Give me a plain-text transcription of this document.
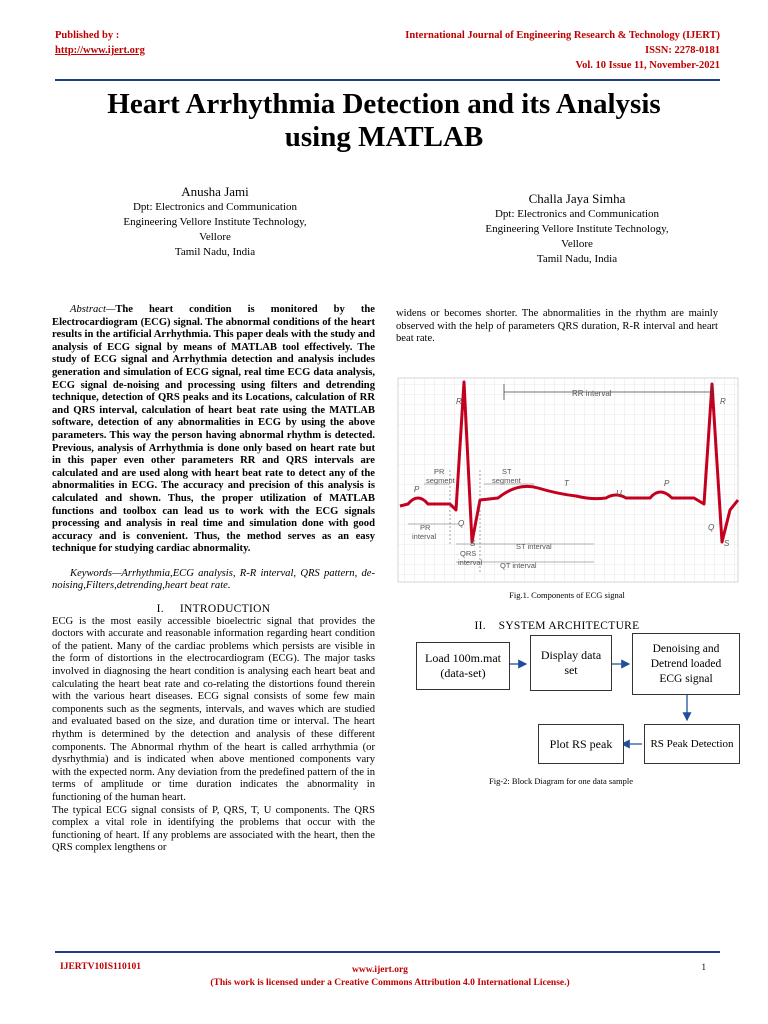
Published by :
http://www.ijert.org
International Journal of Engineering Research & Technology (IJERT)
ISSN: 2278-0181
Vol. 10 Issue 11, November-2021
Heart Arrhythmia Detection and its Analysis
using MATLAB
Anusha Jami
Dpt: Electronics and Communication
Engineering Vellore Institute Technology,
Vellore
Tamil Nadu, India
Challa Jaya Simha
Dpt: Electronics and Communication
Engineering Vellore Institute Technology,
Vellore
Tamil Nadu, India

Abstract—The heart condition is monitored by the Electrocardiogram (ECG) signal. The abnormal conditions of the heart results in the artificial Arrhythmia. This paper deals with the study and analysis of ECG signal by means of MATLAB tool effectively. The study of ECG signal and Arrhythmia detection and analysis includes generation and simulation of ECG signal, real time ECG data analysis, ECG signal de-noising and processing using filters and detrending technique, detection of QRS peaks and its Locations, calculation of RR and QRS interval, calculation of heart beat rate using the MATLAB software, detection of any abnormalities in ECG by using the above parameters. This way the person having abnormal rhythm is detected. Previous, analysis of Arrhythmia is done only based on heart rate but in this paper even other parameters RR and QRS intervals are calculated and are used along with heart beat rate to detect any of the abnormalities in ECG. The accuracy and precision of this analysis is calculated and shown. Thus, the proper utilization of MATLAB functions and toolbox can lead us to work with the ECG signals processing and analysis in real time and simulation done with good accuracy and is convenient. Thus, the method serves as an easy technique for studying cardiac abnormality.

Keywords—Arrhythmia,ECG analysis, R-R interval, QRS pattern, de-noising,Filters,detrending,heart beat rate.

I.     INTRODUCTION

ECG is the most easily accessible bioelectric signal that provides the doctors with accurate and reasonable information regarding heart condition of the patient. Many of the cardiac problems which persists are visible in the form of distortions in the electrocardiogram (ECG). The major tasks involved in diagnosing the heart condition is analysing each heart beat and calculating the heart beat rate and co-relating the distortions found therein with the various heart diseases. ECG signal consists of some few main components such as the segments, intervals, and waves which are studied and evaluated based on the size, and duration time or interval. The heart rhythm is determined by the detection and analysis of these different components. The Abnormal rhythm of the heart is called arrhythmia (or dysrhythmia) and is indicated when above mentioned components vary with the expected norm. Any deviation from the predefined pattern of the in terms of amplitude or time duration indicates the abnormality in functioning of the human heart.

The typical ECG signal consists of P, QRS, T, U components. The QRS complex a vital role in identifying the problems that occur with the functioning of heart. If any problems are associated with the heart, then the QRS complex lengthens or

widens or becomes shorter. The abnormalities in the rhythm are mainly observed with the help of parameters QRS duration, R-R interval and heart beat rate.
RR interval
R	R
P
P
T
U
Q	Q
S	S
PR
segment
ST
segment
PR
interval
QRS
interval
ST interval
QT interval
Fig.1. Components of ECG signal
II.    SYSTEM ARCHITECTURE
Load 100m.mat
(data-set)
Display data
set
Denoising and
Detrend loaded
ECG signal
RS Peak Detection
Plot RS peak
Fig-2: Block Diagram for one data sample
IJERTV10IS110101	www.ijert.org	1
(This work is licensed under a Creative Commons Attribution 4.0 International License.)
